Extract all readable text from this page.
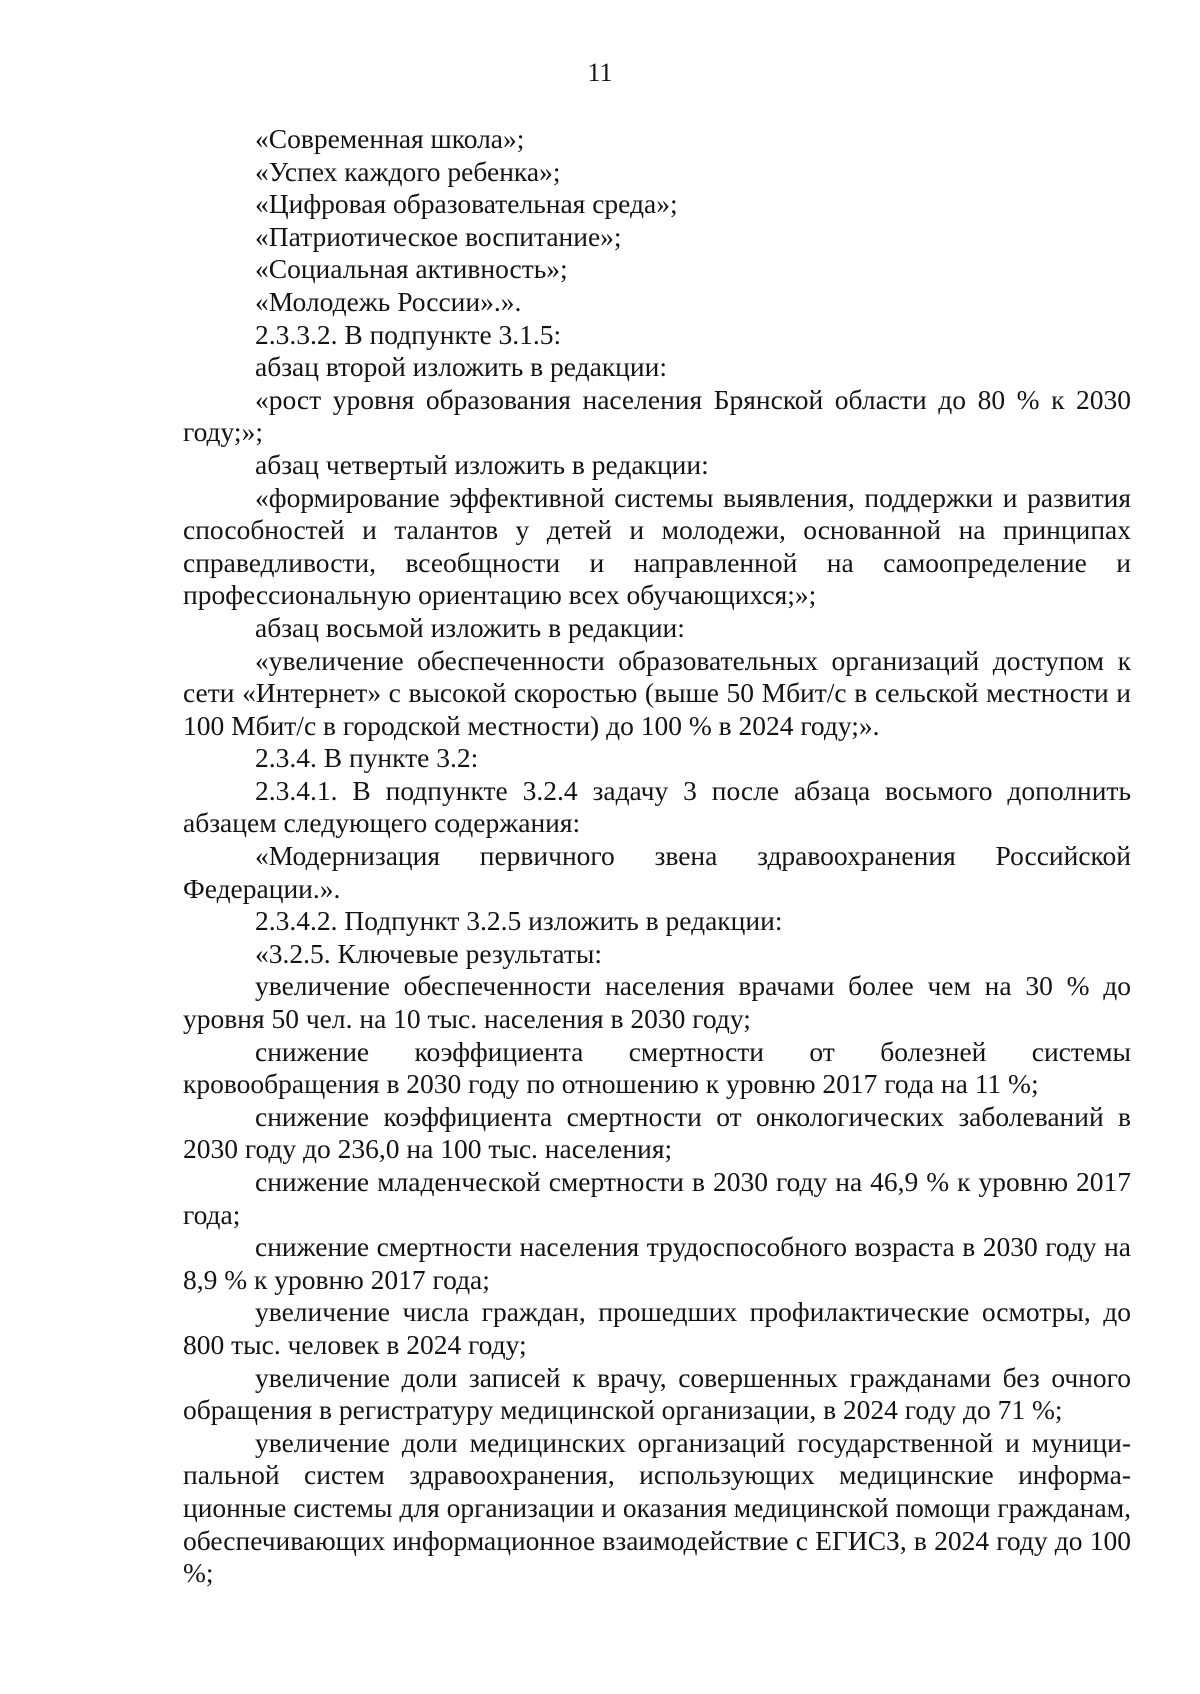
11

«Современная школа»;

«Успех каждого ребенка»;

«Цифровая образовательная среда»;

«Патриотическое воспитание»;

«Социальная активность»;

«Молодежь России».».

2.3.3.2. В подпункте 3.1.5:

абзац второй изложить в редакции:

«рост уровня образования населения Брянской области до 80 % к 2030 году;»;

абзац четвертый изложить в редакции:

«формирование эффективной системы выявления, поддержки и развития способностей и талантов у детей и молодежи, основанной на принципах справедливости, всеобщности и направленной на самоопределение и профессиональную ориентацию всех обучающихся;»;

абзац восьмой изложить в редакции:

«увеличение обеспеченности образовательных организаций доступом к сети «Интернет» с высокой скоростью (выше 50 Мбит/с в сельской местности и 100 Мбит/с в городской местности) до 100 % в 2024 году;».

2.3.4. В пункте 3.2:

2.3.4.1. В подпункте 3.2.4 задачу 3 после абзаца восьмого дополнить абзацем следующего содержания:

«Модернизация первичного звена здравоохранения Российской Федерации.».

2.3.4.2. Подпункт 3.2.5 изложить в редакции:

«3.2.5. Ключевые результаты:

увеличение обеспеченности населения врачами более чем на 30 % до уровня 50 чел. на 10 тыс. населения в 2030 году;

снижение коэффициента смертности от болезней системы кровообращения в 2030 году по отношению к уровню 2017 года на 11 %;

снижение коэффициента смертности от онкологических заболеваний в 2030 году до 236,0 на 100 тыс. населения;

снижение младенческой смертности в 2030 году на 46,9 % к уровню 2017 года;

снижение смертности населения трудоспособного возраста в 2030 году на 8,9 % к уровню 2017 года;

увеличение числа граждан, прошедших профилактические осмотры, до 800 тыс. человек в 2024 году;

увеличение доли записей к врачу, совершенных гражданами без очного обращения в регистратуру медицинской организации, в 2024 году до 71 %;

увеличение доли медицинских организаций государственной и муниципальной систем здравоохранения, использующих медицинские информационные системы для организации и оказания медицинской помощи гражданам, обеспечивающих информационное взаимодействие с ЕГИСЗ, в 2024 году до 100 %;
